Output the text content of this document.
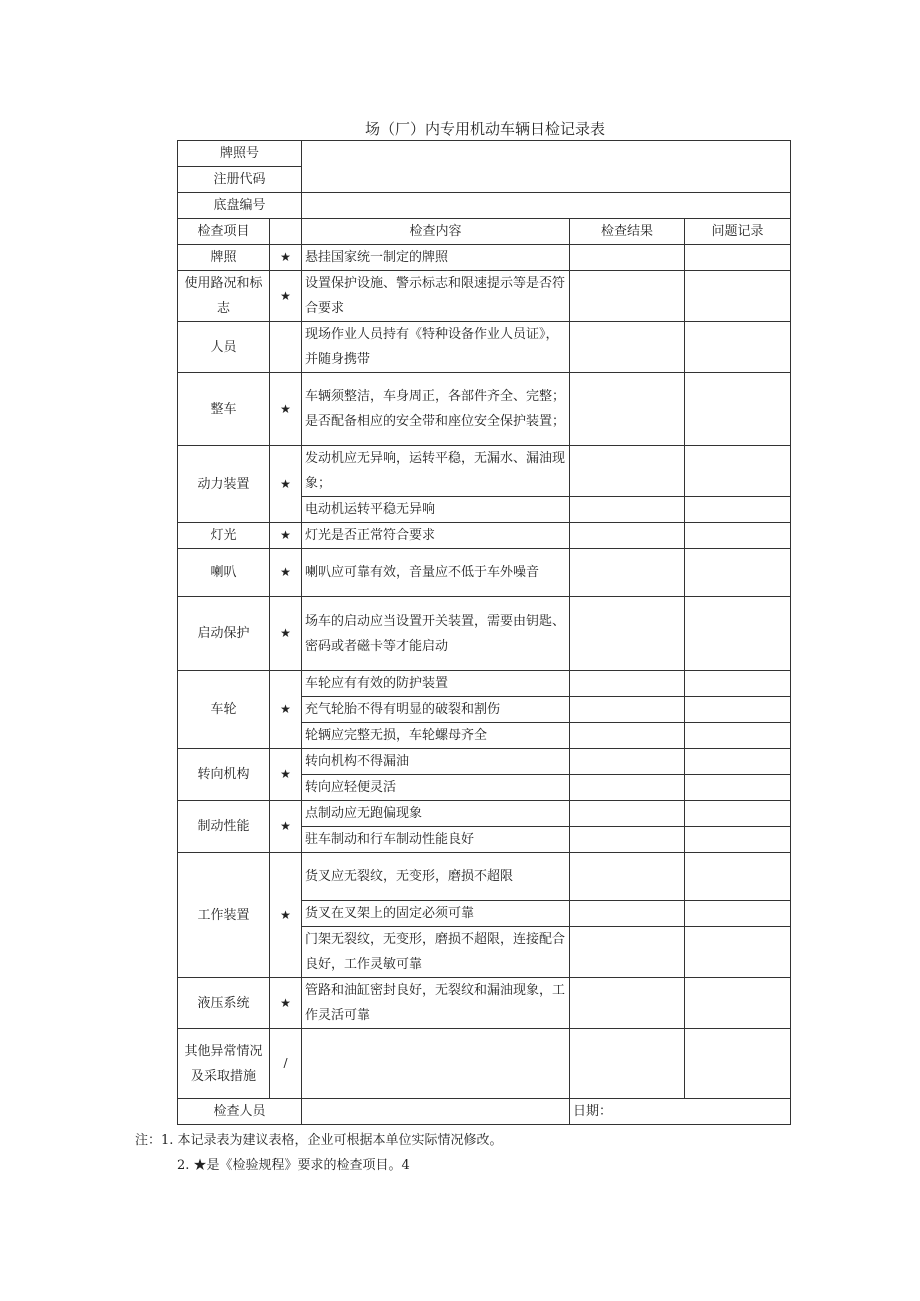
场（厂）内专用机动车辆日检记录表
牌照号				
注册代码				
底盘编号				
检查项目		检查内容	检查结果	问题记录
牌照	★	悬挂国家统一制定的牌照		
使用路况和标志	★	设置保护设施、警示标志和限速提示等是否符合要求		
人员		现场作业人员持有《特种设备作业人员证》，并随身携带		
整车	★	车辆须整洁，车身周正，各部件齐全、完整；是否配备相应的安全带和座位安全保护装置；		
动力装置	★	发动机应无异响，运转平稳，无漏水、漏油现象；		
		电动机运转平稳无异响		
灯光	★	灯光是否正常符合要求		
喇叭	★	喇叭应可靠有效，音量应不低于车外噪音		
启动保护	★	场车的启动应当设置开关装置，需要由钥匙、密码或者磁卡等才能启动		
车轮	★	车轮应有有效的防护装置		
		充气轮胎不得有明显的破裂和割伤		
		轮辆应完整无损，车轮螺母齐全		
转向机构	★	转向机构不得漏油		
		转向应轻便灵活		
制动性能	★	点制动应无跑偏现象		
		驻车制动和行车制动性能良好		
工作装置	★	货叉应无裂纹，无变形，磨损不超限		
		货叉在叉架上的固定必须可靠		
		门架无裂纹，无变形，磨损不超限，连接配合良好，工作灵敏可靠		
液压系统	★	管路和油缸密封良好，无裂纹和漏油现象，工作灵活可靠		
其他异常情况及采取措施	/			
检查人员			日期：	
注：1. 本记录表为建议表格，企业可根据本单位实际情况修改。
2. ★是《检验规程》要求的检查项目。4
